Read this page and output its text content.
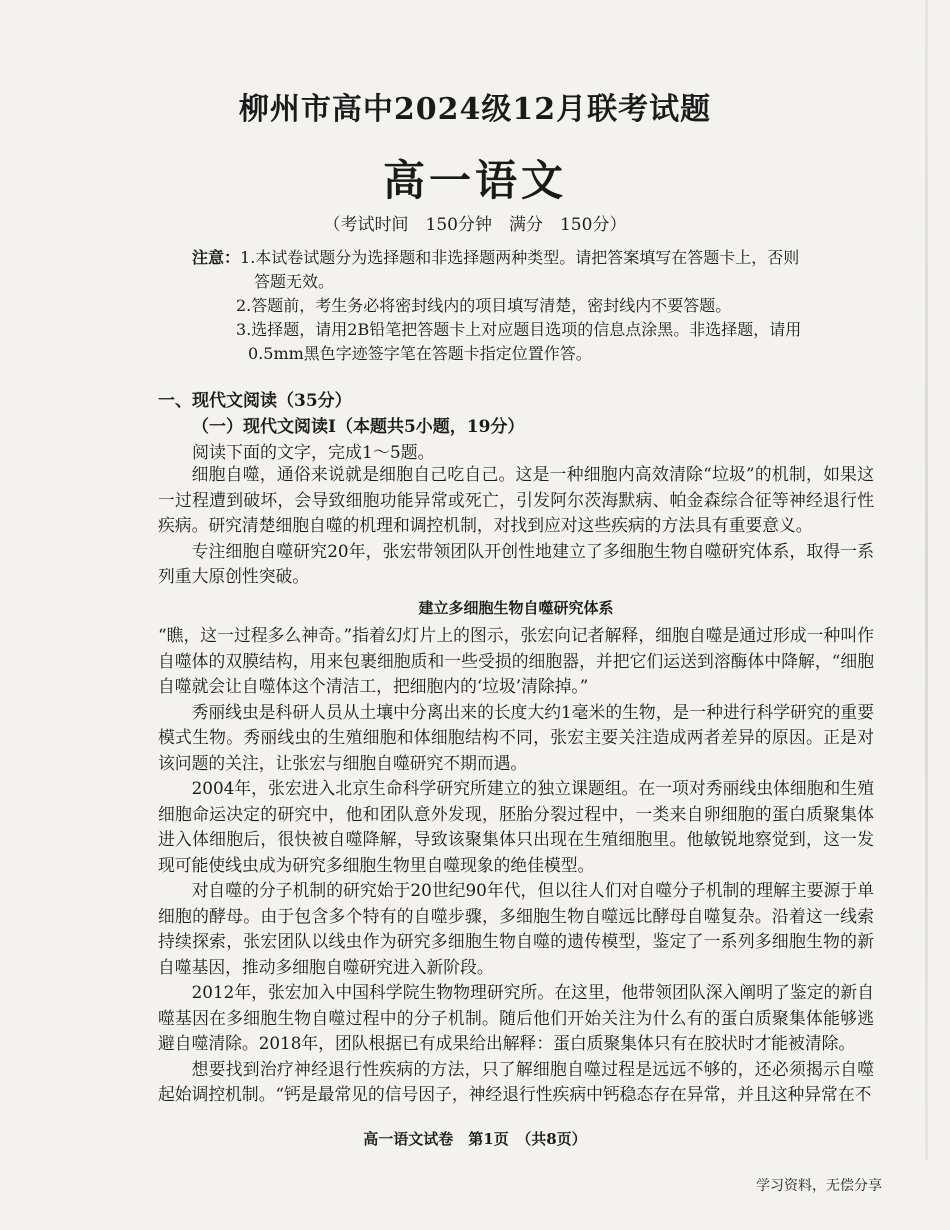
柳州市高中2024级12月联考试题
高一语文
（考试时间　150分钟　满分　150分）
注意：1.本试卷试题分为选择题和非选择题两种类型。请把答案填写在答题卡上，否则
答题无效。
2.答题前，考生务必将密封线内的项目填写清楚，密封线内不要答题。
3.选择题，请用2B铅笔把答题卡上对应题目选项的信息点涂黑。非选择题，请用
0.5mm黑色字迹签字笔在答题卡指定位置作答。
一、现代文阅读（35分）
（一）现代文阅读Ⅰ（本题共5小题，19分）
阅读下面的文字，完成1～5题。

细胞自噬，通俗来说就是细胞自己吃自己。这是一种细胞内高效清除“垃圾”的机制，如果这一过程遭到破坏，会导致细胞功能异常或死亡，引发阿尔茨海默病、帕金森综合征等神经退行性疾病。研究清楚细胞自噬的机理和调控机制，对找到应对这些疾病的方法具有重要意义。

专注细胞自噬研究20年，张宏带领团队开创性地建立了多细胞生物自噬研究体系，取得一系列重大原创性突破。

建立多细胞生物自噬研究体系

“瞧，这一过程多么神奇。”指着幻灯片上的图示，张宏向记者解释，细胞自噬是通过形成一种叫作自噬体的双膜结构，用来包裹细胞质和一些受损的细胞器，并把它们运送到溶酶体中降解，“细胞自噬就会让自噬体这个清洁工，把细胞内的‘垃圾’清除掉。”

秀丽线虫是科研人员从土壤中分离出来的长度大约1毫米的生物，是一种进行科学研究的重要模式生物。秀丽线虫的生殖细胞和体细胞结构不同，张宏主要关注造成两者差异的原因。正是对该问题的关注，让张宏与细胞自噬研究不期而遇。

2004年，张宏进入北京生命科学研究所建立的独立课题组。在一项对秀丽线虫体细胞和生殖细胞命运决定的研究中，他和团队意外发现，胚胎分裂过程中，一类来自卵细胞的蛋白质聚集体进入体细胞后，很快被自噬降解，导致该聚集体只出现在生殖细胞里。他敏锐地察觉到，这一发现可能使线虫成为研究多细胞生物里自噬现象的绝佳模型。

对自噬的分子机制的研究始于20世纪90年代，但以往人们对自噬分子机制的理解主要源于单细胞的酵母。由于包含多个特有的自噬步骤，多细胞生物自噬远比酵母自噬复杂。沿着这一线索持续探索，张宏团队以线虫作为研究多细胞生物自噬的遗传模型，鉴定了一系列多细胞生物的新自噬基因，推动多细胞自噬研究进入新阶段。

2012年，张宏加入中国科学院生物物理研究所。在这里，他带领团队深入阐明了鉴定的新自噬基因在多细胞生物自噬过程中的分子机制。随后他们开始关注为什么有的蛋白质聚集体能够逃避自噬清除。2018年，团队根据已有成果给出解释：蛋白质聚集体只有在胶状时才能被清除。

想要找到治疗神经退行性疾病的方法，只了解细胞自噬过程是远远不够的，还必须揭示自噬起始调控机制。“钙是最常见的信号因子，神经退行性疾病中钙稳态存在异常，并且这种异常在不

高一语文试卷　第1页　（共8页）
学习资料，无偿分享
